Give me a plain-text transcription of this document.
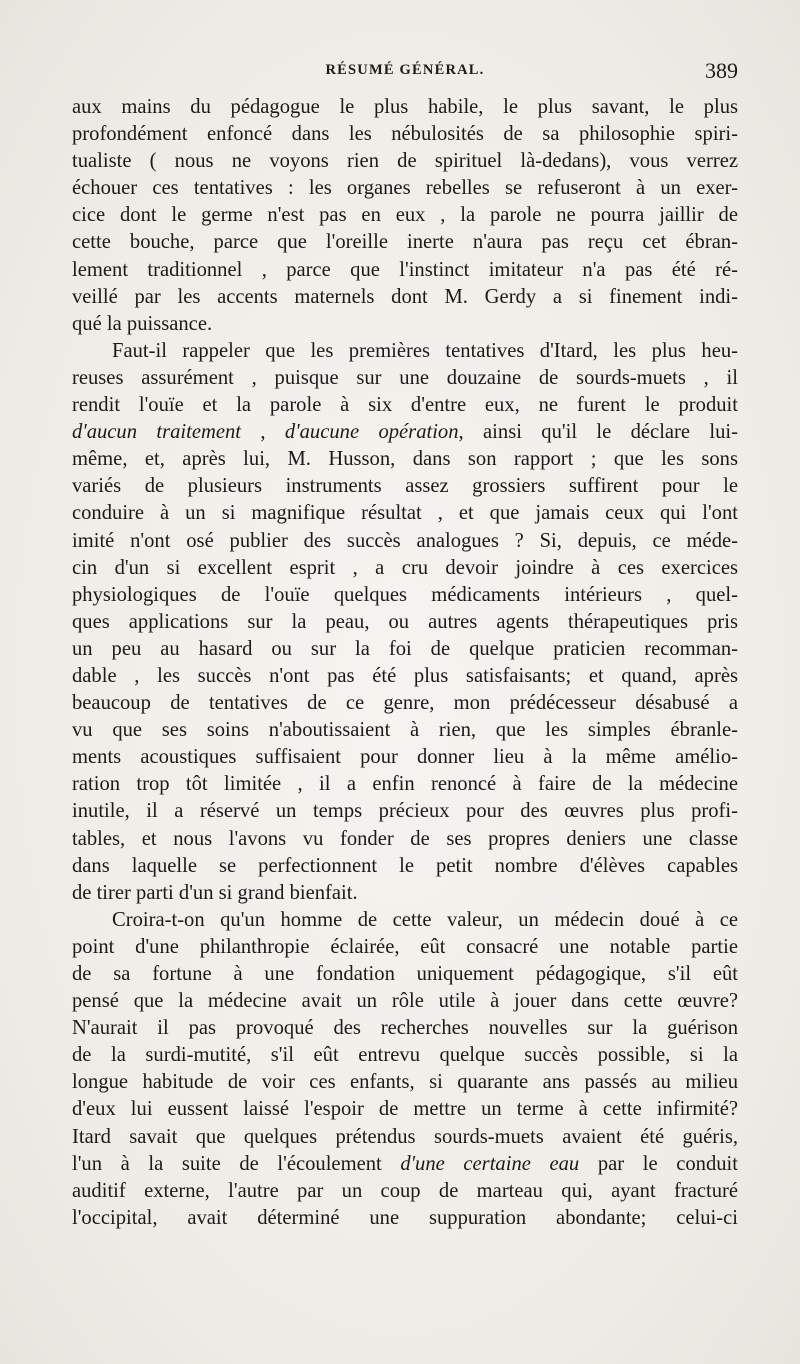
RÉSUMÉ GÉNÉRAL.	389
aux mains du pédagogue le plus habile, le plus savant, le plus
profondément enfoncé dans les nébulosités de sa philosophie spiri-
tualiste ( nous ne voyons rien de spirituel là-dedans), vous verrez
échouer ces tentatives : les organes rebelles se refuseront à un exer-
cice dont le germe n'est pas en eux , la parole ne pourra jaillir de
cette bouche, parce que l'oreille inerte n'aura pas reçu cet ébran-
lement traditionnel , parce que l'instinct imitateur n'a pas été ré-
veillé par les accents maternels dont M. Gerdy a si finement indi-
qué la puissance.
Faut-il rappeler que les premières tentatives d'Itard, les plus heu-
reuses assurément , puisque sur une douzaine de sourds-muets , il
rendit l'ouïe et la parole à six d'entre eux, ne furent le produit
d'aucun traitement , d'aucune opération, ainsi qu'il le déclare lui-
même, et, après lui, M. Husson, dans son rapport ; que les sons
variés de plusieurs instruments assez grossiers suffirent pour le
conduire à un si magnifique résultat , et que jamais ceux qui l'ont
imité n'ont osé publier des succès analogues ? Si, depuis, ce méde-
cin d'un si excellent esprit , a cru devoir joindre à ces exercices
physiologiques de l'ouïe quelques médicaments intérieurs , quel-
ques applications sur la peau, ou autres agents thérapeutiques pris
un peu au hasard ou sur la foi de quelque praticien recomman-
dable , les succès n'ont pas été plus satisfaisants; et quand, après
beaucoup de tentatives de ce genre, mon prédécesseur désabusé a
vu que ses soins n'aboutissaient à rien, que les simples ébranle-
ments acoustiques suffisaient pour donner lieu à la même amélio-
ration trop tôt limitée , il a enfin renoncé à faire de la médecine
inutile, il a réservé un temps précieux pour des œuvres plus profi-
tables, et nous l'avons vu fonder de ses propres deniers une classe
dans laquelle se perfectionnent le petit nombre d'élèves capables
de tirer parti d'un si grand bienfait.
Croira-t-on qu'un homme de cette valeur, un médecin doué à ce
point d'une philanthropie éclairée, eût consacré une notable partie
de sa fortune à une fondation uniquement pédagogique, s'il eût
pensé que la médecine avait un rôle utile à jouer dans cette œuvre?
N'aurait il pas provoqué des recherches nouvelles sur la guérison
de la surdi-mutité, s'il eût entrevu quelque succès possible, si la
longue habitude de voir ces enfants, si quarante ans passés au milieu
d'eux lui eussent laissé l'espoir de mettre un terme à cette infirmité?
Itard savait que quelques prétendus sourds-muets avaient été guéris,
l'un à la suite de l'écoulement d'une certaine eau par le conduit
auditif externe, l'autre par un coup de marteau qui, ayant fracturé
l'occipital, avait déterminé une suppuration abondante; celui-ci
